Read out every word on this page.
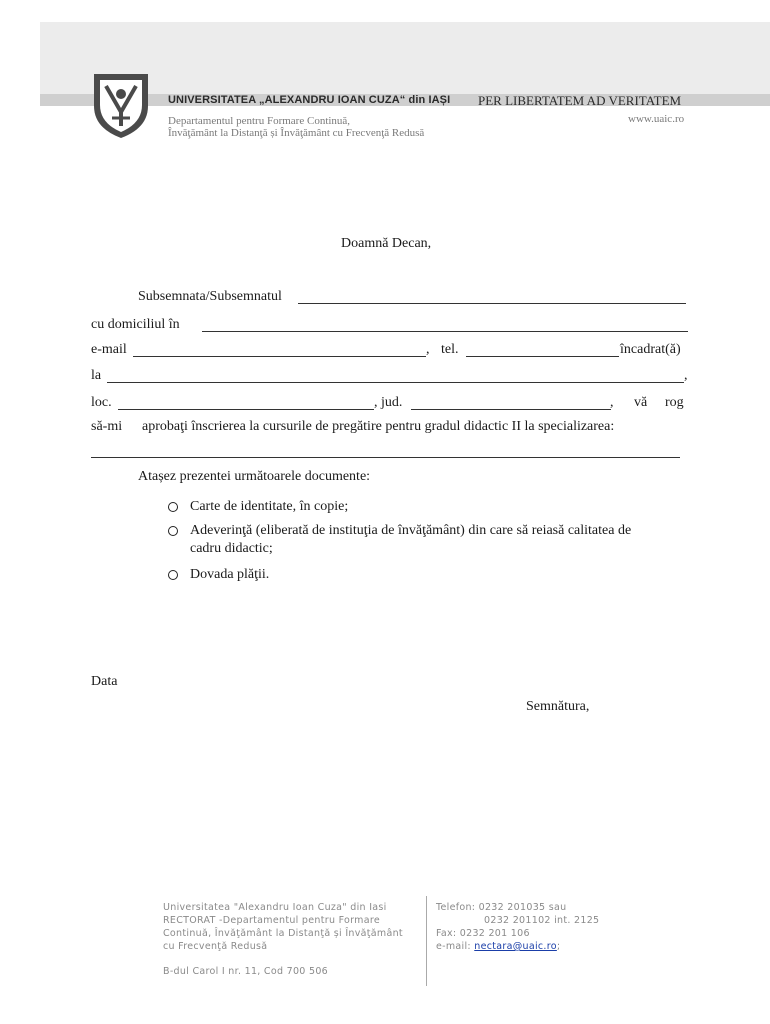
UNIVERSITATEA „ALEXANDRU IOAN CUZA“ din IAȘI PER LIBERTATEM AD VERITATEM
Departamentul pentru Formare Continuă,
Învăţământ la Distanţă și Învăţământ cu Frecvenţă Redusă
www.uaic.ro
Doamnă Decan,
Subsemnata/Subsemnatul
cu domiciliul în
e-mail	, tel.	încadrat(ă)
la	,
loc.	, jud.	, vă rog
să-mi aprobaţi înscrierea la cursurile de pregătire pentru gradul didactic II la specializarea:
Atașez prezentei următoarele documente:
Carte de identitate, în copie;
Adeverinţă (eliberată de instituţia de învăţământ) din care să reiasă calitatea de
cadru didactic;
Dovada plăţii.
Data
Semnătura,
Universitatea "Alexandru Ioan Cuza" din Iasi
RECTORAT -Departamentul pentru Formare
Continuă, Învăţământ la Distanţă și Învăţământ
cu Frecvenţă Redusă
B-dul Carol I nr. 11, Cod 700 506
Telefon: 0232 201035 sau
0232 201102 int. 2125
Fax: 0232 201 106
e-mail: nectara@uaic.ro;
